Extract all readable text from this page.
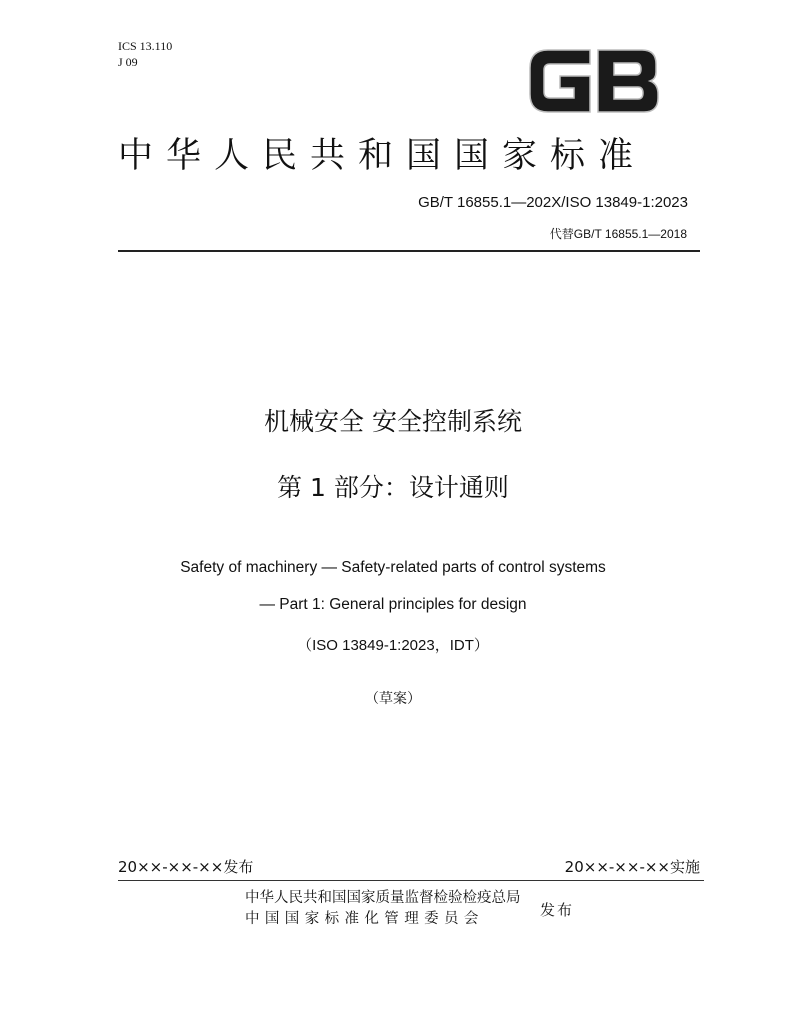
ICS 13.110
J 09
中华人民共和国国家标准
GB/T 16855.1—202X/ISO 13849-1:2023
代替GB/T 16855.1—2018
机械安全 安全控制系统
第 1 部分：设计通则
Safety of machinery — Safety-related parts of control systems
— Part 1: General principles for design
（ISO 13849-1:2023，IDT）
（草案）
20××-××-××发布	20××-××-××实施
中华人民共和国国家质量监督检验检疫总局
中国国家标准化管理委员会	发布
